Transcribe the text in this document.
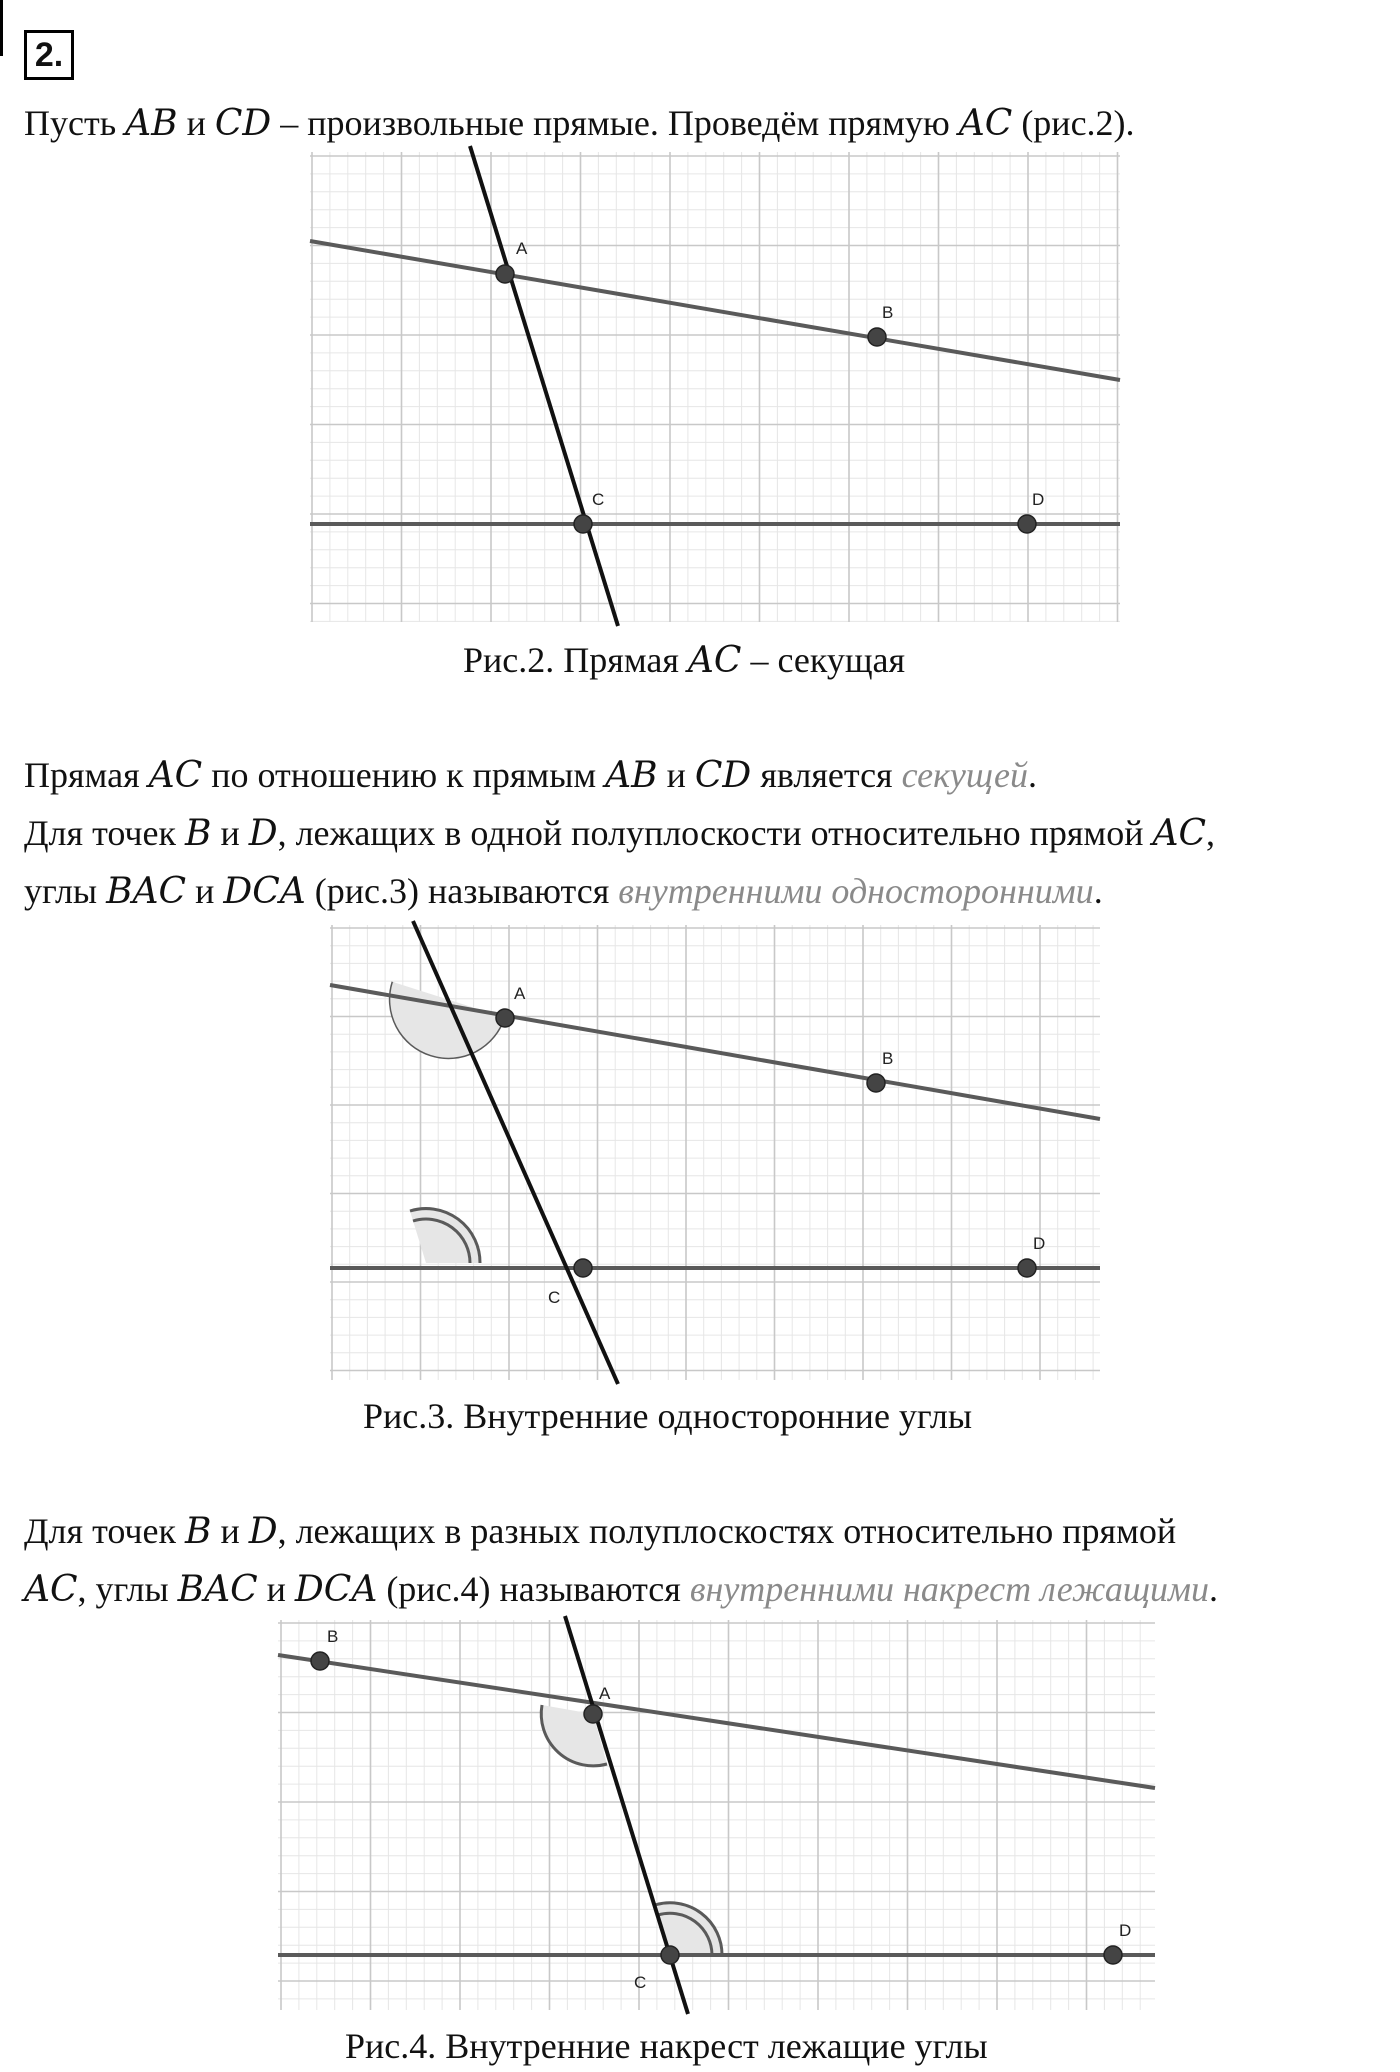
2.
Пусть AB и CD – произвольные прямые. Проведём прямую AC (рис.2).
A
B
C	D
Рис.2. Прямая AC – секущая
Прямая AC по отношению к прямым AB и CD является секущей.
Для точек B и D, лежащих в одной полуплоскости относительно прямой AC,
углы BAC и DCA (рис.3) называются внутренними односторонними.
A
B
C
D
Рис.3. Внутренние односторонние углы
Для точек B и D, лежащих в разных полуплоскостях относительно прямой
AC, углы BAC и DCA (рис.4) называются внутренними накрест лежащими.
A
B
C
D
Рис.4. Внутренние накрест лежащие углы
